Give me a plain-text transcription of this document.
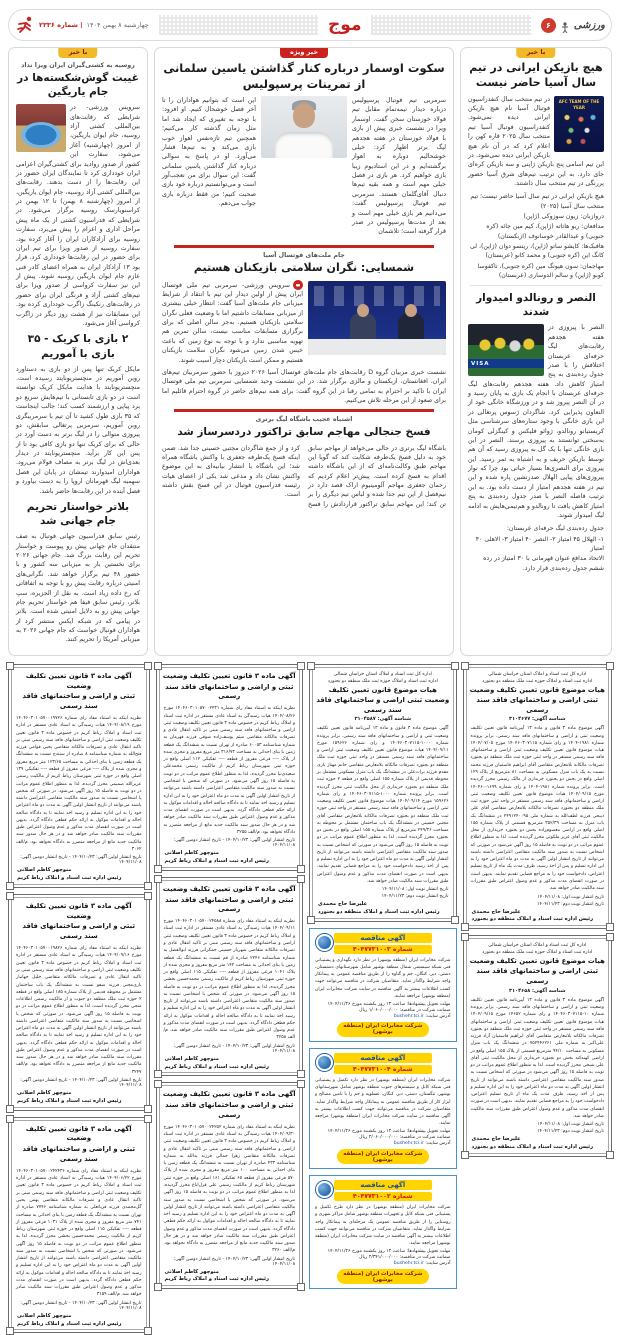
۶	ورزشی
موج
چهارشنبه ۸ بهمن ۱۴۰۴
| شماره ۲۳۳۶
با خبر
هیچ بازیکن ایرانی در تیم سال آسیا حاضر نیست
AFC TEAM OF THE YEAR
در تیم منتخب سال کنفدراسیون فوتبال آسیا نام هیچ بازیکن ایرانی دیده نمی‌شود. کنفدراسیون فوتبال آسیا تیم منتخب سال ۲۰۲۵ قاره کهن را اعلام کرد که در آن نام هیچ بازیکن ایرانی دیده نمی‌شود. در این تیم اسامی پنج بازیکن ژاپنی و سه بازیکن کره‌ای جای دارد. به این ترتیب تیم‌های شرق آسیا حضور پررنگی در تیم منتخب سال داشتند.

هیچ بازیکن ایرانی در تیم سال آسیا حاضر نیست؛ تیم منتخب سال آسیا (۲۰۲۵)

دروازبان: زیون سوزوکی (ژاپن)

مدافعان: ریو هاتاته (ژاپن)، کیم مین جائه (کره جنوبی) و عبدالقادر خوسانوف (ازبکستان)

هافبک‌ها: کایشو ساتو (ژاپن)، ریتسو دوان (ژاپن)، لی کانگ این (کره جنوبی) و محمد کانو (عربستان)

مهاجمان: سون هیونگ مین (کره جنوبی)، تاکفوسا کوبو (ژاپن) و سالم الدوساری (عربستان)

النصر و رونالدو امیدوار شدند
VISA
النصر با پیروزی در هفته هجدهم رقابت‌های لیگ حرفه‌ای عربستان اختلافش را با صدر جدول رده‌بندی به پنج امتیاز کاهش داد. هفته هجدهم رقابت‌های لیگ حرفه‌ای عربستان با انجام یک بازی به پایان رسید و در آن النصر پیروز شد و در ورزشگاه خانگی خود از التعاون پذیرایی کرد. شاگردان ژسوس پرتغالی در این بازی خانگی با وجود ستاره‌های سرشناسی مثل کریستیانو رونالدو، ژوائو فلیکس و کینگزلی کومان به‌سختی توانستند به پیروزی برسند. النصر در این بازی خانگی تنها با یک گل به پیروزی رسید که آن هم توسط بازیکن حریف و به اشتباه به ثمر رسید. این پیروزی برای النصری‌ها بسیار حیاتی بود چرا که نوار پیروزی‌های پیاپی الهلال صدرنشین پاره شده و این تیم در هفته هجدهم امتیاز از دست داده بود. به این ترتیب فاصله النصر با صدر جدول رده‌بندی به پنج امتیاز کاهش یافت تا رونالدو و هم‌تیمی‌هایش به ادامه لیگ امیدوار شوند.

جدول رده‌بندی لیگ حرفه‌ای عربستان:

۱- الهلال ۴۵ امتیاز ۲- النصر ۴۰ امتیاز ۳- الاهلی ۴۰ امتیاز

الاتحاد مدافع عنوان قهرمانی با ۳۰ امتیاز در رده ششم جدول رده‌بندی قرار دارد.

خبر ویژه
سکوت اوسمار درباره کنار گذاشتن یاسین سلمانی از تمرینات پرسپولیس

سرمربی تیم فوتبال پرسپولیس درباره دیدار نیمه‌تمام مقابل تیم فولاد خوزستان سخن گفت. اوسمار ویرا در نشست خبری پیش از بازی با فولاد خوزستان در هفته هجدهم لیگ برتر اظهار کرد: خیلی خوشحالیم دوباره به اهواز برگشته‌ایم و در این استادیوم زیبا بازی خواهیم کرد. هر بازی در فصل خیلی مهم است و همه بقیه تیم‌ها دنبال آقای‌گلمان هستند. سرمربی تیم فوتبال پرسپولیس گفت: می‌دانیم هر بازی خیلی مهم است و بعد از مدت‌ها پرسپولیس در صدر قرار گرفته است؛ تلاشمان

این است که بتوانیم هواداران را تا آخر فصل خوشحال کنیم. او افزود: با توجه به تغییری که ایجاد شد اما مثل زمان گذشته کار می‌کنیم؛ همچنین تیم تازه‌نفس اهواز خوب بازی می‌کند و به تیم‌ها فشار می‌آورد. او در پاسخ به سوالی درباره کنار گذاشتن یاسین سلمانی گفت: این سوال برای من تعجب‌آور است و می‌توانستیم درباره خود بازی صحبت کنیم؛ من فقط درباره بازی جواب می‌دهم.

جام ملت‌های فوتسال آسیا

شمسایی: نگران سلامتی بازیکنان هستیم

سرویس ورزشی- سرمربی تیم ملی فوتسال ایران پیش از اولین دیدار این تیم با انتقاد از شرایط میزبانی جام ملت‌های آسیا گفت: انتظار خیلی بیشتری از میزبانی مسابقات داشتیم اما با وضعیت فعلی نگران سلامتی بازیکنان هستیم. به‌جز سالن اصلی که برای برگزاری مسابقات مناسب نیست، سالن تمرین هم تهویه مناسبی ندارد و با توجه به نوع زمین که باعث خیس شدن زمین می‌شود نگران سلامت بازیکنان هستیم و ممکن است بازیکنان دچار آسیب شوند.

نشست خبری مربیان گروه D رقابت‌های جام ملت‌های فوتسال آسیا ۲۰۲۶ دیروز با حضور سرمربیان تیم‌های ایران، افغانستان، ازبکستان و مالزی برگزار شد. در این نشست وحید شمسایی سرمربی تیم ملی فوتسال ایران با تاکید بر احترام به تمامی رقبا در این گروه گفت: برای همه تیم‌های حاضر در گروه احترام قائلیم اما برای صعود از این مرحله تلاش می‌کنیم.

اشتباه عجیب باشگاه لیگ برتری

فسخ جنجالی مهاجم سابق تراکتور دردسرساز شد

باشگاه لیگ برتری در حالی می‌خواهد از مهاجم سابق خود به دلیل فسخ یک‌طرفه شکایت کند که گویا این مهاجم طبق وکالت‌نامه‌ای که از این باشگاه داشته اقدام به فسخ کرده است. پیش‌تر اعلام کردیم که رحمان جعفری مهاجم آلومینیوم اراک قصد دارد در نیم‌فصل از این تیم جدا شده و لباس تیم دیگری را بر تن کند؛ این مهاجم سابق تراکتور قراردادش را فسخ کرد و از جمع شاگردان مجتبی حسینی جدا شد. ضمن اینکه فسخ یک‌طرفه جعفری با واکنش باشگاه همراه شد؛ این باشگاه با انتشار بیانیه‌ای به این موضوع واکنش نشان داد و مدعی شد یکی از اعضای هیات رئیسه فدراسیون فوتبال در این فسخ نقش داشته است.

با خبر

روسیه به کشتی‌گیران ایران ویزا نداد

غیبت گوش‌شکسته‌ها در جام یاریگین
سرویس ورزشی- در شرایطی که رقابت‌های بین‌المللی کشتی آزاد روسیه، جام ایوان یاریگین، از امروز (چهارشنبه) آغاز می‌شود، سفارت این کشور از صدور روادید برای کشتی‌گیران اعزامی ایران خودداری کرد تا نمایندگان ایران حضور در این رقابت‌ها را از دست بدهند. رقابت‌های بین‌المللی کشتی آزاد روسیه، جام ایوان یاریگین، از امروز (چهارشنبه ۸ بهمن) تا ۱۲ بهمن در کراسنویارسک روسیه برگزار می‌شود. در شرایطی که فدراسیون کشتی از یک ماه پیش مراحل اداری و اعزام را پیش می‌برد، سفارت روسیه برای آزادکاران ایران را آغاز کرده بود، سفارت روسیه از صدور ویزا برای تیم ایران برای حضور در این رقابت‌ها خودداری کرد. قرار بود ۱۳ آزادکار ایران به همراه اعضای کادر فنی عازم جام ایوان یاریگین روسیه شوند. پیش از این نیز سفارت کرواسی از صدور ویزا برای تیم‌های کشتی آزاد و فرنگی ایران برای حضور در رقابت‌های رنکینگ زاگرب خودداری کرده بود. این مسابقات نیز از هشت روز دیگر در زاگرب کرواسی آغاز می‌شود.
۲ بازی با کریک - ۳۵ بازی با آموریم

مایکل کریک تنها پس از دو بازی به دستاورد روبن آموریم در منچستریونایتد رسیده است. منچستریونایتد با هدایت مایکل کریک توانسته است در دو بازی تابستانی با تیم‌هایش سریع دو برد پیاپی و ارزشمند کسب کند؛ جالب اینجاست که ۳۵ بازی طول کشید تا آن تیم با سرمربیگری روبن آموریم، سرمربی پرتغالی سابقش، دو پیروزی متوالی را در لیگ برتر به دست آورد در حالی که برای کریک تنها دو بازی کافی بود تا از پس این کار برآید. منچستریونایتد در دیدار بعدی‌اش در لیگ برتر به مصاف فولام می‌رود. هواداران امیدوارند تیمشان در پایان این فصل سهمیه لیگ قهرمانان اروپا را به دست بیاورد و فصل آینده در این رقابت‌ها حاضر باشد.

بلاتر خواستار تحریم جام جهانی شد

رئیس سابق فدراسیون جهانی فوتبال به صف منتقدان جام جهانی پیش رو پیوست و خواستار تحریم این رقابت بزرگ شد. جام جهانی ۲۰۲۶ برای نخستین بار به میزبانی سه کشور و با حضور ۴۸ تیم برگزار خواهد شد. نگرانی‌های امنیتی درباره رقابت پیش رو با توجه به اتفاقاتی که رخ داده زیاد است. به نقل از الجزیره، سپ بلاتر، رئیس سابق فیفا هم خواستار تحریم جام جهانی پیش رو به دلایل امنیتی شده است. بلاتر در پیامی که در شبکه ایکس منتشر کرد از هواداران فوتبال خواست که جام جهانی ۲۰۲۶ به میزبانی آمریکا را تحریم کنند.

اداره کل ثبت اسناد و املاک استان خراسان شمالی
اداره ثبت اسناد و املاک حوزه ثبت ملک منطقه دو بجنورد
هیات موضوع قانون تعیین تکلیف وضعیت ثبتی اراضی و ساختمانهای فاقد سند رسمی
شناسه آگهی: ۳۱۰۴۶۷۷
آگهی موضوع ماده ۳ قانون و ماده ۱۳ آیین‌نامه قانون تعیین تکلیف وضعیت ثبتی و اراضی و ساختمانهای فاقد سند رسمی. برابر پرونده شماره ۱۹۸۱-۱۴۰۴ و رای شماره ۱۴۰۴۶۰۳۰۷۱۱۵ مورخ ۱۴۰۴/۰۷/۰۵ هیات موضوع قانون تعیین تکلیف وضعیت ثبتی اراضی و ساختمانهای فاقد سند رسمی مستقر در واحد ثبتی حوزه ثبت ملک منطقه دو بجنورد تصرفات مالکانه بلامعارض متقاضی آقای ابراهیم قاسمیان فرزند محمد نسبت به یک باب منزل مسکونی به مساحت ۸۱ مترمربع از پلاک ۱۲۹ اصلی واقع در بخش دو بجنورد خریداری از مالک رسمی محرز گردیده است. برابر پرونده شماره ۱۹۸۱-۱۴۰۴ و رای شماره ۱۶۹۹-۱۴۰۴۶۰ مورخ ۱۴۰۴/۰۹/۱۵ هیات موضوع قانون تعیین تکلیف وضعیت ثبتی اراضی و ساختمانهای فاقد سند رسمی مستقر در واحد ثبتی حوزه ثبت ملک منطقه دو بجنورد تصرفات مالکانه بلامعارض متقاضی آقای علی ذبیحی فرزند لطف‌الله به شماره ملی ۲۴۹۱۲۴۰۰۹۵ در ششدانگ یک باب منزل به مساحت ۳۵۲/۳۹ مترمربع قسمتی از پلاک شماره ۱۵۵ اصلی واقع در اراضی معصوم‌زاده بخش دو بجنورد خریداری از محل مالکیت ثبتی آقای عزیز ملکوتی محرز گردیده است. لذا به منظور اطلاع عموم مراتب در دو نوبت به فاصله ۱۵ روز آگهی می‌شود در صورتی که اشخاص نسبت به صدور سند مالکیت متقاضی اعتراضی داشته باشند می‌توانند از تاریخ انتشار اولین آگهی به مدت دو ماه اعتراض خود را به این اداره تسلیم و پس از اخذ رسید، ظرف مدت یک ماه از تاریخ تسلیم اعتراض، دادخواست خود را به مراجع قضایی تقدیم نمایند. بدیهی است در صورت انقضای مدت مذکور و عدم وصول اعتراض طبق مقررات سند مالکیت صادر خواهد شد.
تاریخ انتشار نوبت اول: ۱۴۰۴/۱۱/۰۸
تاریخ انتشار نوبت دوم: ۱۴۰۴/۱۱/۲۳
علیرضا حاج محمدی
رئیس اداره ثبت اسناد و املاک منطقه دو بجنورد
اداره کل ثبت اسناد و املاک استان خراسان شمالی
اداره ثبت اسناد و املاک حوزه ثبت ملک منطقه دو بجنورد
هیات موضوع قانون تعیین تکلیف وضعیت ثبتی اراضی و ساختمانهای فاقد سند رسمی
شناسه آگهی: ۳۱۰۴۶۵۸
آگهی موضوع ماده ۳ قانون و ماده ۱۳ آیین‌نامه قانون تعیین تکلیف وضعیت ثبتی و اراضی و ساختمانهای فاقد سند رسمی. برابر پرونده شماره ۱۰-۱۴۰۴۶۰۳۰۷۱۱۵ و رای شماره ۱۴۶۵۲ مورخ ۱۴۰۴/۰۹/۱۵ هیات موضوع قانون تعیین تکلیف وضعیت ثبتی اراضی و ساختمانهای فاقد سند رسمی مستقر در واحد ثبتی حوزه ثبت ملک منطقه دو بجنورد تصرفات مالکانه بلامعارض متقاضی آقای ابراهیم قاسمیان آزاد فرزند علی‌اکبر به شماره ملی ۷۵۲۴۴۶۲۶۱ در ششدانگ یک باب منزل مسکونی به مساحت ۹۴/۱۰ مترمربع قسمتی از پلاک ۱۵۵ اصلی واقع در اراضی کهنه‌کند بخش دو بجنورد خریداری از محل مالکیت ثبتی آقای علی شیخی محرز گردیده است. لذا به منظور اطلاع عموم مراتب در دو نوبت به فاصله ۱۵ روز آگهی می‌شود در صورتی که اشخاص نسبت به صدور سند مالکیت متقاضی اعتراضی داشته باشند می‌توانند از تاریخ انتشار اولین آگهی به مدت دو ماه اعتراض خود را به این اداره تسلیم و پس از اخذ رسید، ظرف مدت یک ماه از تاریخ تسلیم اعتراض، دادخواست خود را به مراجع قضایی تقدیم نمایند. بدیهی است در صورت انقضای مدت مذکور و عدم وصول اعتراض طبق مقررات سند مالکیت صادر خواهد شد.
تاریخ انتشار نوبت اول: ۱۴۰۴/۱۱/۰۸
تاریخ انتشار نوبت دوم: ۱۴۰۴/۱۱/۲۳
علیرضا حاج محمدی
رئیس اداره ثبت اسناد و املاک منطقه دو بجنورد
اداره کل ثبت اسناد و املاک استان خراسان شمالی
اداره ثبت اسناد و املاک حوزه ثبت ملک منطقه دو بجنورد
هیات موضوع قانون تعیین تکلیف وضعیت ثبتی اراضی و ساختمانهای فاقد سند رسمی
شناسه آگهی: ۳۱۰۴۵۸۷
آگهی موضوع ماده ۳ قانون و ماده ۱۳ آیین‌نامه قانون تعیین تکلیف وضعیت ثبتی و اراضی و ساختمانهای فاقد سند رسمی. برابر پرونده شماره ۱۰۰۰-۱۴۰۴۶۰۳۰۷۱۱۵ و رای شماره ۱۵۹۶۲۶ مورخ ۱۴۰۴/۰۹/۱۱ هیات موضوع قانون تعیین تکلیف وضعیت ثبتی اراضی و ساختمانهای فاقد سند رسمی مستقر در واحد ثبتی حوزه ثبت ملک منطقه دو بجنورد تصرفات مالکانه بلامعارض متقاضی خانم مهناز یاری مقدم فرزند برات‌علی در ششدانگ یک باب منزل مسکونی مشتمل بر محوطه قدیمی از پلاک شماره ۱۵۵ اصلی واقع در قطعه ۲ حوزه ثبت ملک منطقه دو بجنورد خریداری از محل مالکیت ثبتی محرز گردیده است. برابر پرونده شماره ۱۰۰۰-۱۴۰۴۶۰۳۰۷۱۱۵ و رای شماره ۱۵۹۶۲۶ مورخ ۱۴۰۴/۰۹/۱۴ هیات موضوع قانون تعیین تکلیف وضعیت ثبتی اراضی و ساختمانهای فاقد سند رسمی مستقر در واحد ثبتی حوزه ثبت ملک منطقه دو بجنورد تصرفات مالکانه بلامعارض متقاضی آقای مجتبی حسینی در ششدانگ یک باب ساختمان مشتمل بر محوطه به مساحت ۲۴۹/۳۶ مترمربع از پلاک شماره ۱۵۵ اصلی واقع در بخش دو بجنورد محرز گردیده است. لذا به منظور اطلاع عموم مراتب در دو نوبت به فاصله ۱۵ روز آگهی می‌شود در صورتی که اشخاص نسبت به صدور سند مالکیت متقاضی اعتراضی داشته باشند می‌توانند از تاریخ انتشار اولین آگهی به مدت دو ماه اعتراض خود را به این اداره تسلیم و پس از اخذ رسید دادخواست خود را به مراجع قضایی تقدیم نمایند. بدیهی است در صورت انقضای مدت مذکور و عدم وصول اعتراض طبق مقررات سند مالکیت صادر خواهد شد.
تاریخ انتشار نوبت اول: ۱۴۰۴/۱۱/۰۸
تاریخ انتشار نوبت دوم: ۱۴۰۴/۱۱/۲۳
علیرضا حاج محمدی
رئیس اداره ثبت اسناد و املاک منطقه دو بجنورد
آگهی مناقصه
شماره ۴۰۴۷۷۳۱۰۰۳
شرکت مخابرات ایران (منطقه بوشهر) در نظر دارد نگهداری و پشتیبانی فنی شبکه سیستمی شمال منطقه بوشهر شامل شهرستانهای دشتستان، دشتی، دیر، کنگان، جم و گناوه را از طریق مناقصه عمومی به پیمانکار واجد شرایط واگذار نماید. متقاضیان شرکت در مناقصه می‌توانند جهت کسب اطلاعات بیشتر به آگهی مناقصه در سایت شرکت مخابرات ایران (منطقه بوشهر) مراجعه نمایند.
مهلت تحویل پیشنهادها: ساعت ۱۳ روز یکشنبه مورخ ۱۴۰۴/۱۱/۲۶
ضمانت شرکت در مناقصه: ۱/۰۶۰/۰۰۰/۰۰۰ ریال
آدرس سایت: bushehr.tci.ir
شرکت مخابرات ایران (منطقه بوشهر)
آگهی مناقصه
شماره ۴۰۴۷۷۳۱۰۰۴
شرکت مخابرات ایران (منطقه بوشهر) در نظر دارد تکمیل و پشتیبانی فنی شبکه کابل و سیستم‌های جنوب منطقه بوشهر شامل شهرستانهای بوشهر، تنگستان، دشتی، دیر، کنگان، عسلویه و جم را با تامین مصالح و ابزار کار از طریق مناقصه عمومی به پیمانکار واجد شرایط واگذار نماید. متقاضیان شرکت در مناقصه می‌توانند جهت کسب اطلاعات بیشتر به آگهی مناقصه در سایت شرکت مخابرات ایران (منطقه بوشهر) مراجعه نمایند.
مهلت تحویل پیشنهادها: ساعت ۱۳ روز یکشنبه مورخ ۱۴۰۴/۱۱/۲۶
ضمانت شرکت در مناقصه: ۲/۰۶۰/۰۰۰/۰۰۰ ریال
آدرس سایت: bushehr.tci.ir
شرکت مخابرات ایران (منطقه بوشهر)
آگهی مناقصه
شماره ۴۰۴۷۷۳۱۰۰۲
شرکت مخابرات ایران (منطقه بوشهر) در نظر دارد طرح تکمیل و پشتیبانی فنی شبکه کابل و تجهیزات منطقه بوشهر شامل مراکز شهری و روستایی را از طریق مناقصه عمومی یک مرحله‌ای به پیمانکار واجد شرایط واگذار نماید. متقاضیان شرکت در مناقصه می‌توانند جهت کسب اطلاعات بیشتر به آگهی مناقصه در سایت شرکت مخابرات ایران (منطقه بوشهر) مراجعه نمایند.
مهلت تحویل پیشنهادها: ساعت ۱۳ روز یکشنبه مورخ ۱۴۰۴/۱۱/۲۶
ضمانت شرکت در مناقصه: ۲/۳۴۱/۰۰۰/۰۰۰ ریال
آدرس سایت: bushehr.tci.ir
شرکت مخابرات ایران (منطقه بوشهر)
آگهی ماده ۳ قانون تعیین تکلیف وضعیت
ثبتی و اراضی و ساختمانهای فاقد سند رسمی
نظریه اینکه به استناد مفاد رای شماره ۱۴۰۴۶۰۳۰۱۰۵۷۰۰۲۴۳۱ مورخ ۱۴۰۴/۰۸/۲۶ هیات رسیدگی به اسناد عادی مستقر در اداره ثبت اسناد و املاک رباط کریم در خصوص ماده ۳ قانون تعیین تکلیف وضعیت ثبتی اراضی و ساختمانهای فاقد سند رسمی مبنی بر تاکید انتقال عادی و تصرفات مالکانه متقاضی میثم یوسف‌زاده شوقی فرزند قهرمان به شماره شناسنامه ۶۰۰۵۳ صادره از تهران نسبت به ششدانگ یک قطعه زمین با بنای احداثی به مساحت ۳۱۶/۷۳ متر مربع مفروز و مجزی شده از پلاک ---- فرعی مفروز از قطعه ---- تفکیکی ۱۱۲ اصلی واقع در حوزه ثبتی شهرستان رباط کریم از مالکیت رسمی محمدعلی سعیدی‌نیا محرز گردیده، لذا به منظور اطلاع عموم مراتب در دو نوبت به فاصله ۱۵ روز آگهی می‌شود. در صورتی که شخص یا اشخاصی نسبت به صدور سند مالکیت متقاضی اعتراضی داشته باشند می‌توانند از تاریخ انتشار اولین آگهی به مدت دو ماه اعتراض خود را به این اداره تسلیم و رسید اخذ نمایند تا به دادگاه صالحه احاله و اقدامات موکول به ارائه حکم قطعی دادگاه گردد. بدیهی است در صورت انقضای مدت مذکور و عدم وصول اعتراض طبق مقررات سند مالکیت صادر خواهد شد و در هر حال صدور سند مالکیت جدید مانع از مراجعه متضرر به دادگاه نخواهد بود. م/الف ۳۲۵۵
تاریخ انتشار اولین آگهی: ۱۴۰۴/۱۰/۲۳ - تاریخ انتشار دومین آگهی: ۱۴۰۴/۱۱/۰۸
منوچهر کاظم اصلانی
رئیس اداره ثبت اسناد و املاک رباط کریم
آگهی ماده ۳ قانون تعیین تکلیف وضعیت
ثبتی و اراضی و ساختمانهای فاقد سند رسمی
نظریه اینکه به استناد مفاد رای شماره ۱۴۰۴۶۰۳۰۱۰۵۷۰۰۲۴۵۸۸ مورخ ۱۴۰۴/۰۹/۱۱ هیات رسیدگی به اسناد عادی مستقر در اداره ثبت اسناد و املاک رباط کریم در خصوص ماده ۳ قانون تعیین تکلیف وضعیت ثبتی اراضی و ساختمانهای فاقد سند رسمی مبنی بر تاکید انتقال عادی و تصرفات مالکانه متقاضی شهریار حسینی جمکرانی فرزند ابوالفضل به شماره شناسنامه ۲۲۴۶ صادره از قم نسبت به ششدانگ یک قطعه زمین با بنای احداثی به مساحت ۱۴۲ متر مربع مفروز و مجزی شده از پلاک ۱۰۴۱ فرعی مفروز از قطعه ---- تفکیکی ۱۱۵ اصلی واقع در حوزه ثبتی شهرستان رباط کریم از مالکیت رسمی محمدحسین بخشی محرز گردیده، لذا به منظور اطلاع عموم مراتب در دو نوبت به فاصله ۱۵ روز آگهی می‌شود. در صورتی که شخص یا اشخاصی نسبت به صدور سند مالکیت متقاضی اعتراضی داشته باشند می‌توانند از تاریخ انتشار اولین آگهی به مدت دو ماه اعتراض خود را به این اداره تسلیم و رسید اخذ نمایند تا به دادگاه صالحه احاله و اقدامات موکول به ارائه حکم قطعی دادگاه گردد. بدیهی است در صورت انقضای مدت مذکور و عدم وصول اعتراض طبق مقررات سند مالکیت صادر خواهد شد. م/الف ۳۲۵۸
تاریخ انتشار اولین آگهی: ۱۴۰۴/۱۰/۲۳ - تاریخ انتشار دومین آگهی: ۱۴۰۴/۱۱/۰۸
منوچهر کاظم اصلانی
رئیس اداره ثبت اسناد و املاک رباط کریم
آگهی ماده ۳ قانون تعیین تکلیف وضعیت
ثبتی و اراضی و ساختمانهای فاقد سند رسمی
نظریه اینکه به استناد مفاد رای شماره ۱۴۰۴۶۰۳۰۱۰۵۷۰۰۲۴۲۵۲ مورخ ۱۴۰۴/۰۹/۳۰ هیات رسیدگی به اسناد عادی مستقر در اداره ثبت اسناد و املاک رباط کریم در خصوص ماده ۳ قانون تعیین تکلیف وضعیت ثبتی اراضی و ساختمانهای فاقد سند رسمی مبنی بر تاکید انتقال عادی و تصرفات مالکانه متقاضی زهرا جمالی فرزند یدالله به شماره شناسنامه ۴۳۳ صادره از تهران نسبت به ششدانگ یک قطعه زمین با بنای احداثی به مساحت ۱۰۰ متر مربع مفروز و مجزی شده از پلاک ۵۷۰ فرعی مفروز از قطعه ۶۵ تفکیکی ۱۶۱ اصلی واقع در حوزه ثبتی شهرستان رباط کریم از مالکیت رسمی علی قزل‌ایاغ محرز گردیده، لذا به منظور اطلاع عموم مراتب در دو نوبت به فاصله ۱۵ روز آگهی می‌شود. در صورتی که شخص یا اشخاصی نسبت به صدور سند مالکیت متقاضی اعتراضی داشته باشند می‌توانند از تاریخ انتشار اولین آگهی به مدت دو ماه اعتراض خود را به این اداره تسلیم و رسید اخذ نمایند تا به دادگاه صالحه احاله و اقدامات موکول به ارائه حکم قطعی دادگاه گردد. بدیهی است در صورت انقضای مدت مذکور و عدم وصول اعتراض طبق مقررات سند مالکیت صادر خواهد شد و در هر حال صدور سند مالکیت جدید مانع از مراجعه متضرر به دادگاه نخواهد بود. م/الف ۳۲۶۰
تاریخ انتشار اولین آگهی: ۱۴۰۴/۱۰/۲۳ - تاریخ انتشار دومین آگهی: ۱۴۰۴/۱۱/۰۸
منوچهر کاظم اصلانی
رئیس اداره ثبت اسناد و املاک رباط کریم
آگهی ماده ۳ قانون تعیین تکلیف وضعیت
ثبتی و اراضی و ساختمانهای فاقد سند رسمی
نظریه اینکه به استناد مفاد رای شماره ۱۴۰۴۶۰۳۰۱۰۵۷۰۰۱۹۷۲۶ مورخ ۱۴۰۴/۰۸/۱۹ هیات رسیدگی به اسناد عادی مستقر در اداره ثبت اسناد و املاک رباط کریم در خصوص ماده ۳ قانون تعیین تکلیف وضعیت ثبتی اراضی و ساختمانهای فاقد سند رسمی مبنی بر تاکید انتقال عادی و تصرفات مالکانه متقاضی یحیی قوامی فرزند فتح‌الله به شماره شناسنامه ۸ صادره از سنندج نسبت به ششدانگ یک قطعه زمین با بنای احداثی به مساحت ۱۲۳/۶۵ متر مربع مفروز و مجزی شده از پلاک ---- فرعی مفروز از قطعه ---- تفکیکی ۱۳۹ اصلی واقع در حوزه ثبتی شهرستان رباط کریم از مالکیت رسمی عزیزالله صمیمی محرز گردیده، لذا به منظور اطلاع عموم مراتب در دو نوبت به فاصله ۱۵ روز آگهی می‌شود. در صورتی که شخص یا اشخاصی نسبت به صدور سند مالکیت متقاضی اعتراضی داشته باشند می‌توانند از تاریخ انتشار اولین آگهی به مدت دو ماه اعتراض خود را به این اداره تسلیم و رسید اخذ نمایند تا به دادگاه صالحه احاله و اقدامات موکول به ارائه حکم قطعی دادگاه گردد. بدیهی است در صورت انقضای مدت مذکور و عدم وصول اعتراض طبق مقررات سند مالکیت صادر خواهد شد و در هر حال صدور سند مالکیت جدید مانع از مراجعه متضرر به دادگاه نخواهد بود. م/الف ۳۰۶۲
تاریخ انتشار اولین آگهی: ۱۴۰۴/۱۰/۲۳ - تاریخ انتشار دومین آگهی: ۱۴۰۴/۱۱/۰۸
منوچهر کاظم اصلانی
رئیس اداره ثبت اسناد و املاک رباط کریم
آگهی ماده ۳ قانون تعیین تکلیف وضعیت
ثبتی و اراضی و ساختمانهای فاقد سند رسمی
نظریه اینکه به استناد مفاد رای شماره ۱۴۰۴۶۰۳۰۱۰۵۷۰۰۱۹۸۲۶ مورخ ۱۴۰۴/۰۹/۱۶ هیات رسیدگی به اسناد عادی مستقر در اداره ثبت اسناد و املاک رباط کریم در خصوص ماده ۳ قانون تعیین تکلیف وضعیت ثبتی اراضی و ساختمانهای فاقد سند رسمی مبنی بر تاکید انتقال عادی و تصرفات مالکانه متقاضی خلیل جهانبار یاری‌مجنی فرزند صفو نسبت به ششدانگ یک باب ساختمان مشتمل بر محوطه قدیمی از پلاک شماره ۱۸۵ اصلی واقع در قطعه ۲ حوزه ثبت ملک منطقه دو جنوب و از مالکیت رسمی اطلاعات منجی محرز گردیده است، لذا به منظور اطلاع عموم مراتب در دو نوبت به فاصله ۱۵ روز آگهی می‌شود. در صورتی که شخص یا اشخاصی نسبت به صدور سند مالکیت متقاضی اعتراضی داشته باشند می‌توانند از تاریخ انتشار اولین آگهی به مدت دو ماه اعتراض خود را به این اداره تسلیم و رسید اخذ نمایند تا به دادگاه صالحه احاله و اقدامات موکول به ارائه حکم قطعی دادگاه گردد. بدیهی است در صورت انقضای مدت مذکور و عدم وصول اعتراض طبق مقررات سند مالکیت صادر خواهد شد و در هر حال صدور سند مالکیت جدید مانع از مراجعه متضرر به دادگاه نخواهد بود. م/الف ۳۲۴۷
تاریخ انتشار اولین آگهی: ۱۴۰۴/۱۰/۲۳ - تاریخ انتشار دومین آگهی: ۱۴۰۴/۱۱/۰۸
منوچهر کاظم اصلانی
رئیس اداره ثبت اسناد و املاک رباط کریم
آگهی ماده ۳ قانون تعیین تکلیف وضعیت
ثبتی و اراضی و ساختمانهای فاقد سند رسمی
نظریه اینکه به استناد مفاد رای شماره ۱۴۰۴۶۰۳۰۱۰۵۷۰۰۲۴۲۴۳۶ مورخ ۱۴۰۴/۰۶/۲۲ هیات رسیدگی به اسناد عادی مستقر در اداره ثبت اسناد و املاک رباط کریم در خصوص ماده ۳ قانون تعیین تکلیف وضعیت ثبتی اراضی و ساختمانهای فاقد سند رسمی مبنی بر تاکید انتقال عادی و تصرفات مالکانه متقاضی بهمن یحیی گل‌محمدی فرزند قربانعلی به شماره شناسنامه ۷۷۴۶ صادره از تهران نسبت به ششدانگ یک قطعه زمین با بنای احداثی به مساحت ۷۴۱ متر مربع مفروز و مجزی شده از پلاک ۱۰۳۱ فرعی مفروز از قطعه ---- تفکیکی ۱۱۵ اصلی واقع در حوزه ثبتی شهرستان رباط کریم از مالکیت رسمی محمدحسین بخشی محرز گردیده، لذا به منظور اطلاع عموم مراتب در دو نوبت به فاصله ۱۵ روز آگهی می‌شود. در صورتی که شخص یا اشخاصی نسبت به صدور سند مالکیت متقاضی اعتراضی داشته باشند می‌توانند از تاریخ انتشار اولین آگهی به مدت دو ماه اعتراض خود را به این اداره تسلیم و رسید اخذ نمایند تا به دادگاه صالحه احاله و اقدامات موکول به ارائه حکم قطعی دادگاه گردد. بدیهی است در صورت انقضای مدت مذکور و عدم وصول اعتراض طبق مقررات سند مالکیت صادر خواهد شد. م/الف ۳۱۵۹
تاریخ انتشار اولین آگهی: ۱۴۰۴/۱۰/۲۳ - تاریخ انتشار دومین آگهی: ۱۴۰۴/۱۱/۰۸
منوچهر کاظم اصلانی
رئیس اداره ثبت اسناد و املاک رباط کریم
